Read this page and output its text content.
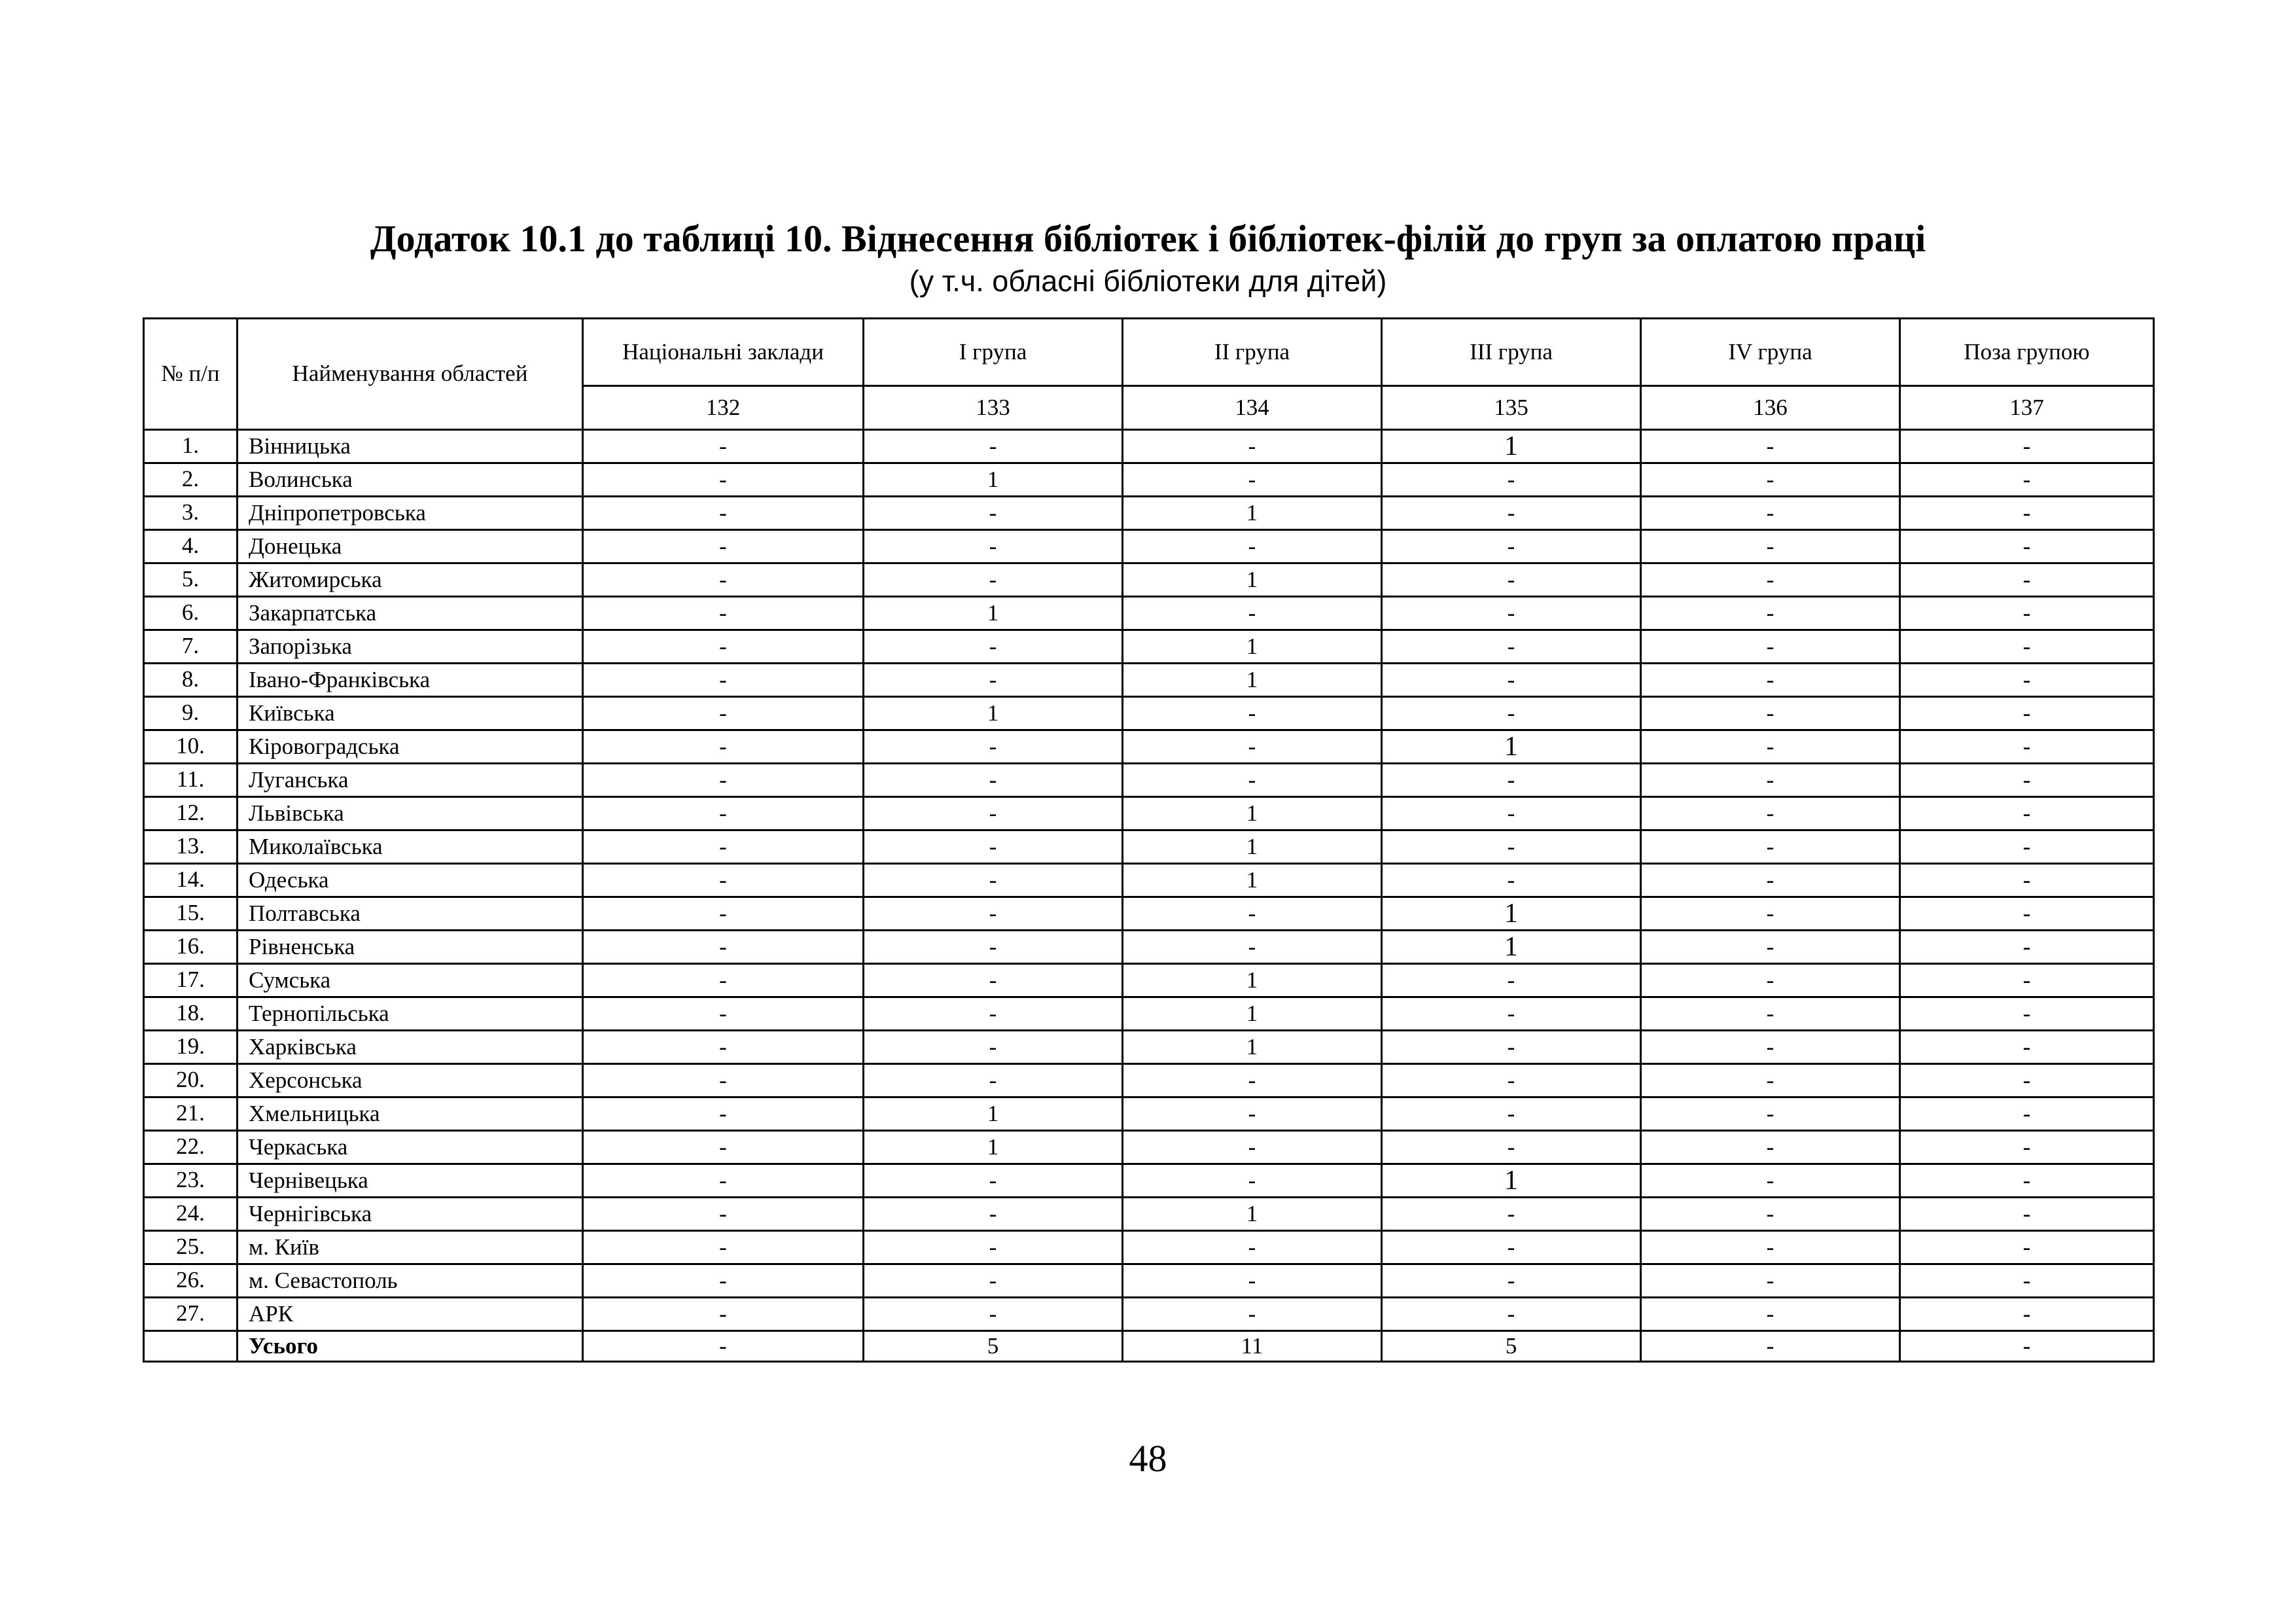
Додаток 10.1 до таблиці 10. Віднесення бібліотек і бібліотек-філій до груп за оплатою праці
(у т.ч. обласні бібліотеки для дітей)
№ п/п	Найменування областей	Національні заклади	І група	ІІ група	ІІІ група	ІV група	Поза групою
		132	133	134	135	136	137
1.	Вінницька	-	-	-	1	-	-
2.	Волинська	-	1	-	-	-	-
3.	Дніпропетровська	-	-	1	-	-	-
4.	Донецька	-	-	-	-	-	-
5.	Житомирська	-	-	1	-	-	-
6.	Закарпатська	-	1	-	-	-	-
7.	Запорізька	-	-	1	-	-	-
8.	Івано-Франківська	-	-	1	-	-	-
9.	Київська	-	1	-	-	-	-
10.	Кіровоградська	-	-	-	1	-	-
11.	Луганська	-	-	-	-	-	-
12.	Львівська	-	-	1	-	-	-
13.	Миколаївська	-	-	1	-	-	-
14.	Одеська	-	-	1	-	-	-
15.	Полтавська	-	-	-	1	-	-
16.	Рівненська	-	-	-	1	-	-
17.	Сумська	-	-	1	-	-	-
18.	Тернопільська	-	-	1	-	-	-
19.	Харківська	-	-	1	-	-	-
20.	Херсонська	-	-	-	-	-	-
21.	Хмельницька	-	1	-	-	-	-
22.	Черкаська	-	1	-	-	-	-
23.	Чернівецька	-	-	-	1	-	-
24.	Чернігівська	-	-	1	-	-	-
25.	м. Київ	-	-	-	-	-	-
26.	м. Севастополь	-	-	-	-	-	-
27.	АРК	-	-	-	-	-	-
	Усього	-	5	11	5	-	-
48
